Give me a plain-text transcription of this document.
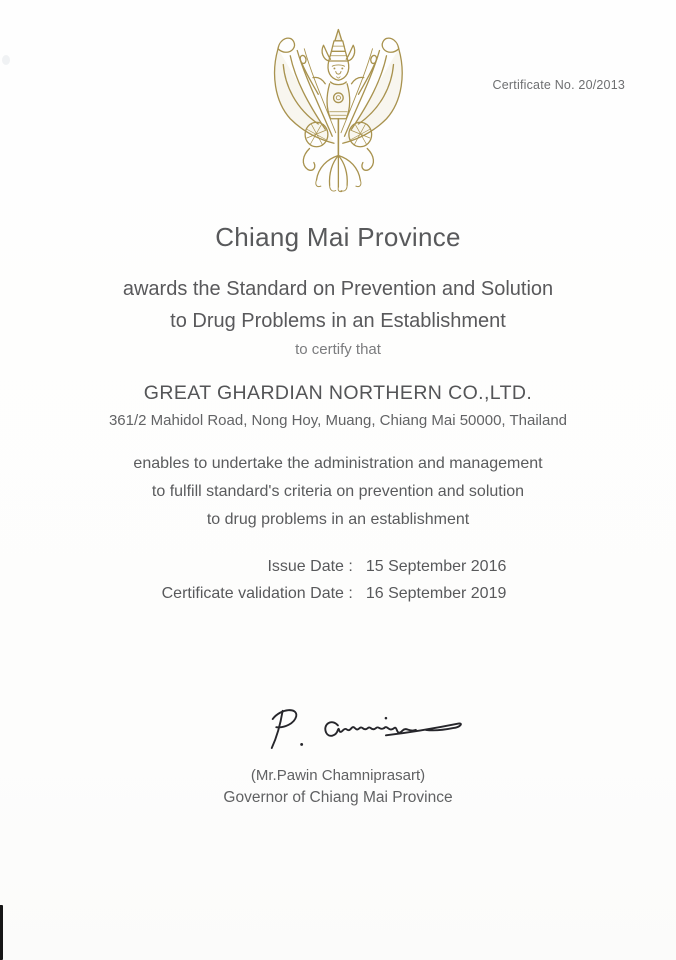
Certificate No. 20/2013
Chiang Mai Province
awards the Standard on Prevention and Solution
to Drug Problems in an Establishment
to certify that
GREAT GHARDIAN NORTHERN CO.,LTD.
361/2 Mahidol Road, Nong Hoy, Muang, Chiang Mai 50000, Thailand
enables to undertake the administration and management
to fulfill standard's criteria on prevention and solution
to drug problems in an establishment
Issue Date : 15 September 2016
Certificate validation Date : 16 September 2019
(Mr.Pawin Chamniprasart)
Governor of Chiang Mai Province
